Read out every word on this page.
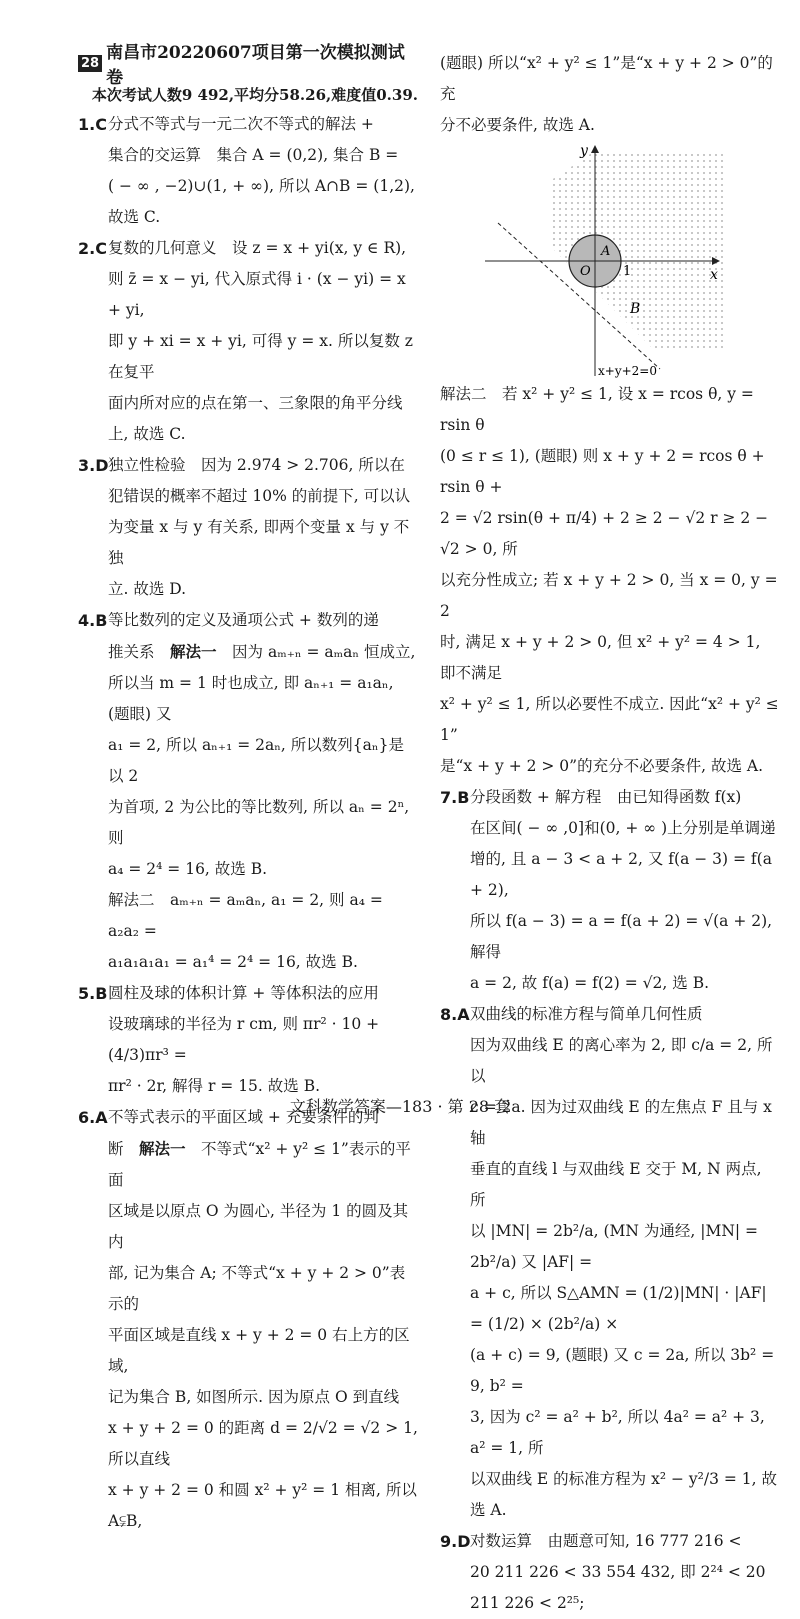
28 南昌市20220607项目第一次模拟测试卷
本次考试人数9 492,平均分58.26,难度值0.39.
1.C 分式不等式与一元二次不等式的解法 +
集合的交运算　集合 A = (0,2), 集合 B =
( − ∞ , −2)∪(1, + ∞), 所以 A∩B = (1,2),
故选 C.
2.C 复数的几何意义　设 z = x + yi(x, y ∈ R),
则 z̄ = x − yi, 代入原式得 i · (x − yi) = x + yi,
即 y + xi = x + yi, 可得 y = x. 所以复数 z 在复平
面内所对应的点在第一、三象限的角平分线
上, 故选 C.
3.D 独立性检验　因为 2.974 > 2.706, 所以在
犯错误的概率不超过 10% 的前提下, 可以认
为变量 x 与 y 有关系, 即两个变量 x 与 y 不独
立. 故选 D.
4.B 等比数列的定义及通项公式 + 数列的递
推关系　解法一　因为 aₘ₊ₙ = aₘaₙ 恒成立,
所以当 m = 1 时也成立, 即 aₙ₊₁ = a₁aₙ, (题眼) 又
a₁ = 2, 所以 aₙ₊₁ = 2aₙ, 所以数列{aₙ}是以 2
为首项, 2 为公比的等比数列, 所以 aₙ = 2ⁿ, 则
a₄ = 2⁴ = 16, 故选 B.
解法二　aₘ₊ₙ = aₘaₙ, a₁ = 2, 则 a₄ = a₂a₂ =
a₁a₁a₁a₁ = a₁⁴ = 2⁴ = 16, 故选 B.
5.B 圆柱及球的体积计算 + 等体积法的应用
设玻璃球的半径为 r cm, 则 πr² · 10 + (4/3)πr³ =
πr² · 2r, 解得 r = 15. 故选 B.
6.A 不等式表示的平面区域 + 充要条件的判
断　解法一　不等式“x² + y² ≤ 1”表示的平面
区域是以原点 O 为圆心, 半径为 1 的圆及其内
部, 记为集合 A; 不等式“x + y + 2 > 0”表示的
平面区域是直线 x + y + 2 = 0 右上方的区域,
记为集合 B, 如图所示. 因为原点 O 到直线
x + y + 2 = 0 的距离 d = 2/√2 = √2 > 1, 所以直线
x + y + 2 = 0 和圆 x² + y² = 1 相离, 所以 A⫋B,
(题眼) 所以“x² + y² ≤ 1”是“x + y + 2 > 0”的充
分不必要条件, 故选 A.
y
x
O 1
A
B
x+y+2=0
解法二　若 x² + y² ≤ 1, 设 x = rcos θ, y = rsin θ
(0 ≤ r ≤ 1), (题眼) 则 x + y + 2 = rcos θ + rsin θ +
2 = √2 rsin(θ + π/4) + 2 ≥ 2 − √2 r ≥ 2 − √2 > 0, 所
以充分性成立; 若 x + y + 2 > 0, 当 x = 0, y = 2
时, 满足 x + y + 2 > 0, 但 x² + y² = 4 > 1, 即不满足
x² + y² ≤ 1, 所以必要性不成立. 因此“x² + y² ≤ 1”
是“x + y + 2 > 0”的充分不必要条件, 故选 A.
7.B 分段函数 + 解方程　由已知得函数 f(x)
在区间( − ∞ ,0]和(0, + ∞ )上分别是单调递
增的, 且 a − 3 < a + 2, 又 f(a − 3) = f(a + 2),
所以 f(a − 3) = a = f(a + 2) = √(a + 2), 解得
a = 2, 故 f(a) = f(2) = √2, 选 B.
8.A 双曲线的标准方程与简单几何性质
因为双曲线 E 的离心率为 2, 即 c/a = 2, 所以
c = 2a. 因为过双曲线 E 的左焦点 F 且与 x 轴
垂直的直线 l 与双曲线 E 交于 M, N 两点, 所
以 |MN| = 2b²/a, (MN 为通经, |MN| = 2b²/a) 又 |AF| =
a + c, 所以 S△AMN = (1/2)|MN| · |AF| = (1/2) × (2b²/a) ×
(a + c) = 9, (题眼) 又 c = 2a, 所以 3b² = 9, b² =
3, 因为 c² = a² + b², 所以 4a² = a² + 3, a² = 1, 所
以双曲线 E 的标准方程为 x² − y²/3 = 1, 故选 A.
9.D 对数运算　由题意可知, 16 777 216 <
20 211 226 < 33 554 432, 即 2²⁴ < 20 211 226 < 2²⁵;
文科数学答案—183 · 第 28 套
